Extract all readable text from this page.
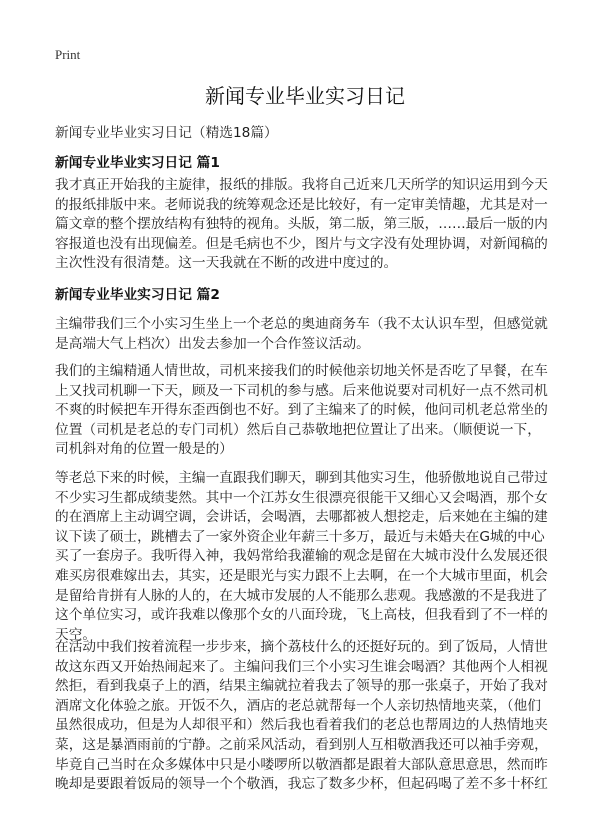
Print
新闻专业毕业实习日记
新闻专业毕业实习日记（精选18篇）
新闻专业毕业实习日记 篇1
我才真正开始我的主旋律，报纸的排版。我将自己近来几天所学的知识运用到今天
的报纸排版中来。老师说我的统筹观念还是比较好，有一定审美情趣，尤其是对一
篇文章的整个摆放结构有独特的视角。头版，第二版，第三版，……最后一版的内
容报道也没有出现偏差。但是毛病也不少，图片与文字没有处理协调，对新闻稿的
主次性没有很清楚。这一天我就在不断的改进中度过的。
新闻专业毕业实习日记 篇2
主编带我们三个小实习生坐上一个老总的奥迪商务车（我不太认识车型，但感觉就
是高端大气上档次）出发去参加一个合作签议活动。
我们的主编精通人情世故，司机来接我们的时候他亲切地关怀是否吃了早餐，在车
上又找司机聊一下天，顾及一下司机的参与感。后来他说要对司机好一点不然司机
不爽的时候把车开得东歪西倒也不好。到了主编来了的时候，他问司机老总常坐的
位置（司机是老总的专门司机）然后自己恭敬地把位置让了出来。（顺便说一下，
司机斜对角的位置一般是的）
等老总下来的时候，主编一直跟我们聊天，聊到其他实习生，他骄傲地说自己带过
不少实习生都成绩斐然。其中一个江苏女生很漂亮很能干又细心又会喝酒，那个女
的在酒席上主动调空调，会讲话，会喝酒，去哪都被人想挖走，后来她在主编的建
议下读了硕士，跳槽去了一家外资企业年薪三十多万，最近与未婚夫在G城的中心
买了一套房子。我听得入神，我妈常给我灌输的观念是留在大城市没什么发展还很
难买房很难嫁出去，其实，还是眼光与实力跟不上去啊，在一个大城市里面，机会
是留给肯拼有人脉的人的，在大城市发展的人不能那么悲观。我感激的不是我进了
这个单位实习，或许我难以像那个女的八面玲珑，飞上高枝，但我看到了不一样的
天空。
在活动中我们按着流程一步步来，摘个荔枝什么的还挺好玩的。到了饭局，人情世
故这东西又开始热闹起来了。主编问我们三个小实习生谁会喝酒？其他两个人相视
然拒，看到我桌子上的酒，结果主编就拉着我去了领导的那一张桌子，开始了我对
酒席文化体验之旅。开饭不久，酒店的老总就帮每一个人亲切热情地夹菜，（他们
虽然很成功，但是为人却很平和）然后我也看着我们的老总也帮周边的人热情地夹
菜，这是暴酒雨前的宁静。之前采风活动，看到别人互相敬酒我还可以袖手旁观，
毕竟自己当时在众多媒体中只是小喽啰所以敬酒都是跟着大部队意思意思，然而昨
晚却是要跟着饭局的领导一个个敬酒，我忘了数多少杯，但起码喝了差不多十杯红
